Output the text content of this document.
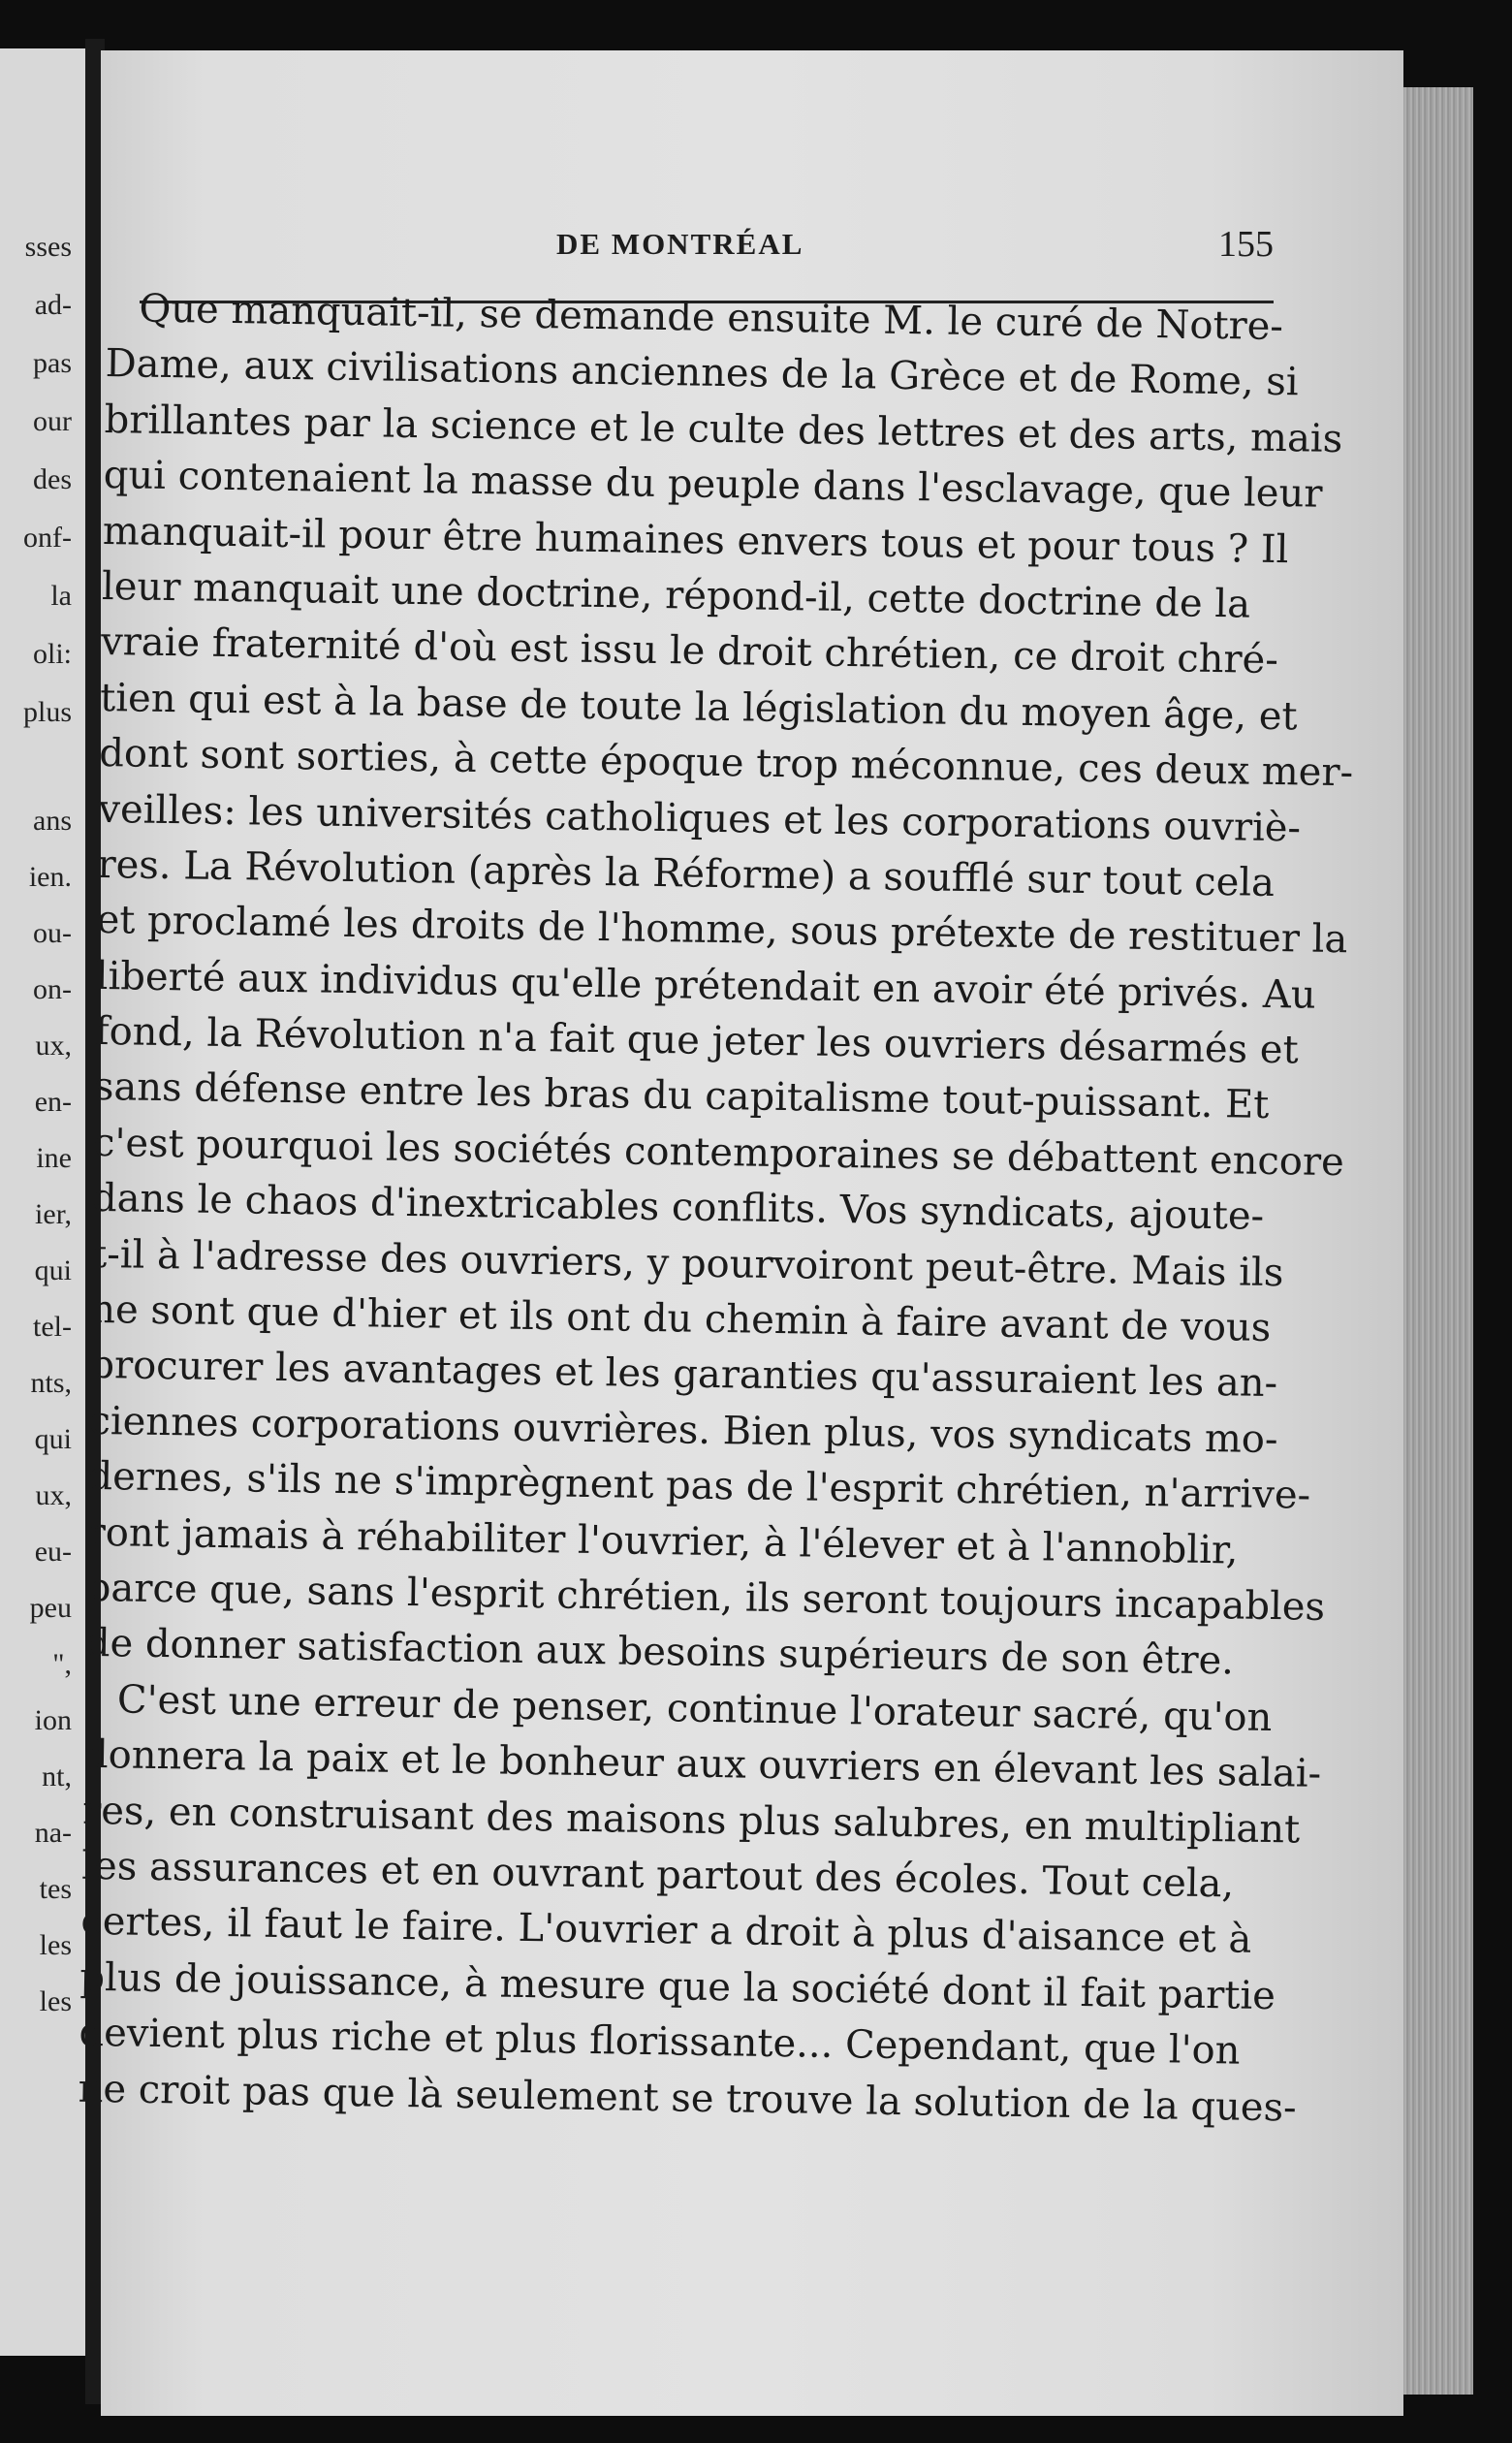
sses
ad-
pas
our
des
onf-
la
oli:
plus
ans
ien.
ou-
on-
ux,
en-
ine
ier,
qui
tel-
nts,
qui
ux,
eu-
peu
",
ion
nt,
na-
tes
les
les
DE MONTRÉAL	155
Que manquait-il, se demande ensuite M. le curé de Notre-
Dame, aux civilisations anciennes de la Grèce et de Rome, si
brillantes par la science et le culte des lettres et des arts, mais
qui contenaient la masse du peuple dans l'esclavage, que leur
manquait-il pour être humaines envers tous et pour tous ? Il
leur manquait une doctrine, répond-il, cette doctrine de la
vraie fraternité d'où est issu le droit chrétien, ce droit chré-
tien qui est à la base de toute la législation du moyen âge, et
dont sont sorties, à cette époque trop méconnue, ces deux mer-
veilles: les universités catholiques et les corporations ouvriè-
res. La Révolution (après la Réforme) a soufflé sur tout cela
et proclamé les droits de l'homme, sous prétexte de restituer la
liberté aux individus qu'elle prétendait en avoir été privés. Au
fond, la Révolution n'a fait que jeter les ouvriers désarmés et
sans défense entre les bras du capitalisme tout-puissant. Et
c'est pourquoi les sociétés contemporaines se débattent encore
dans le chaos d'inextricables conflits. Vos syndicats, ajoute-
t-il à l'adresse des ouvriers, y pourvoiront peut-être. Mais ils
ne sont que d'hier et ils ont du chemin à faire avant de vous
procurer les avantages et les garanties qu'assuraient les an-
ciennes corporations ouvrières. Bien plus, vos syndicats mo-
dernes, s'ils ne s'imprègnent pas de l'esprit chrétien, n'arrive-
ront jamais à réhabiliter l'ouvrier, à l'élever et à l'annoblir,
parce que, sans l'esprit chrétien, ils seront toujours incapables
de donner satisfaction aux besoins supérieurs de son être.
C'est une erreur de penser, continue l'orateur sacré, qu'on
donnera la paix et le bonheur aux ouvriers en élevant les salai-
res, en construisant des maisons plus salubres, en multipliant
les assurances et en ouvrant partout des écoles. Tout cela,
certes, il faut le faire. L'ouvrier a droit à plus d'aisance et à
plus de jouissance, à mesure que la société dont il fait partie
devient plus riche et plus florissante... Cependant, que l'on
ne croit pas que là seulement se trouve la solution de la ques-
